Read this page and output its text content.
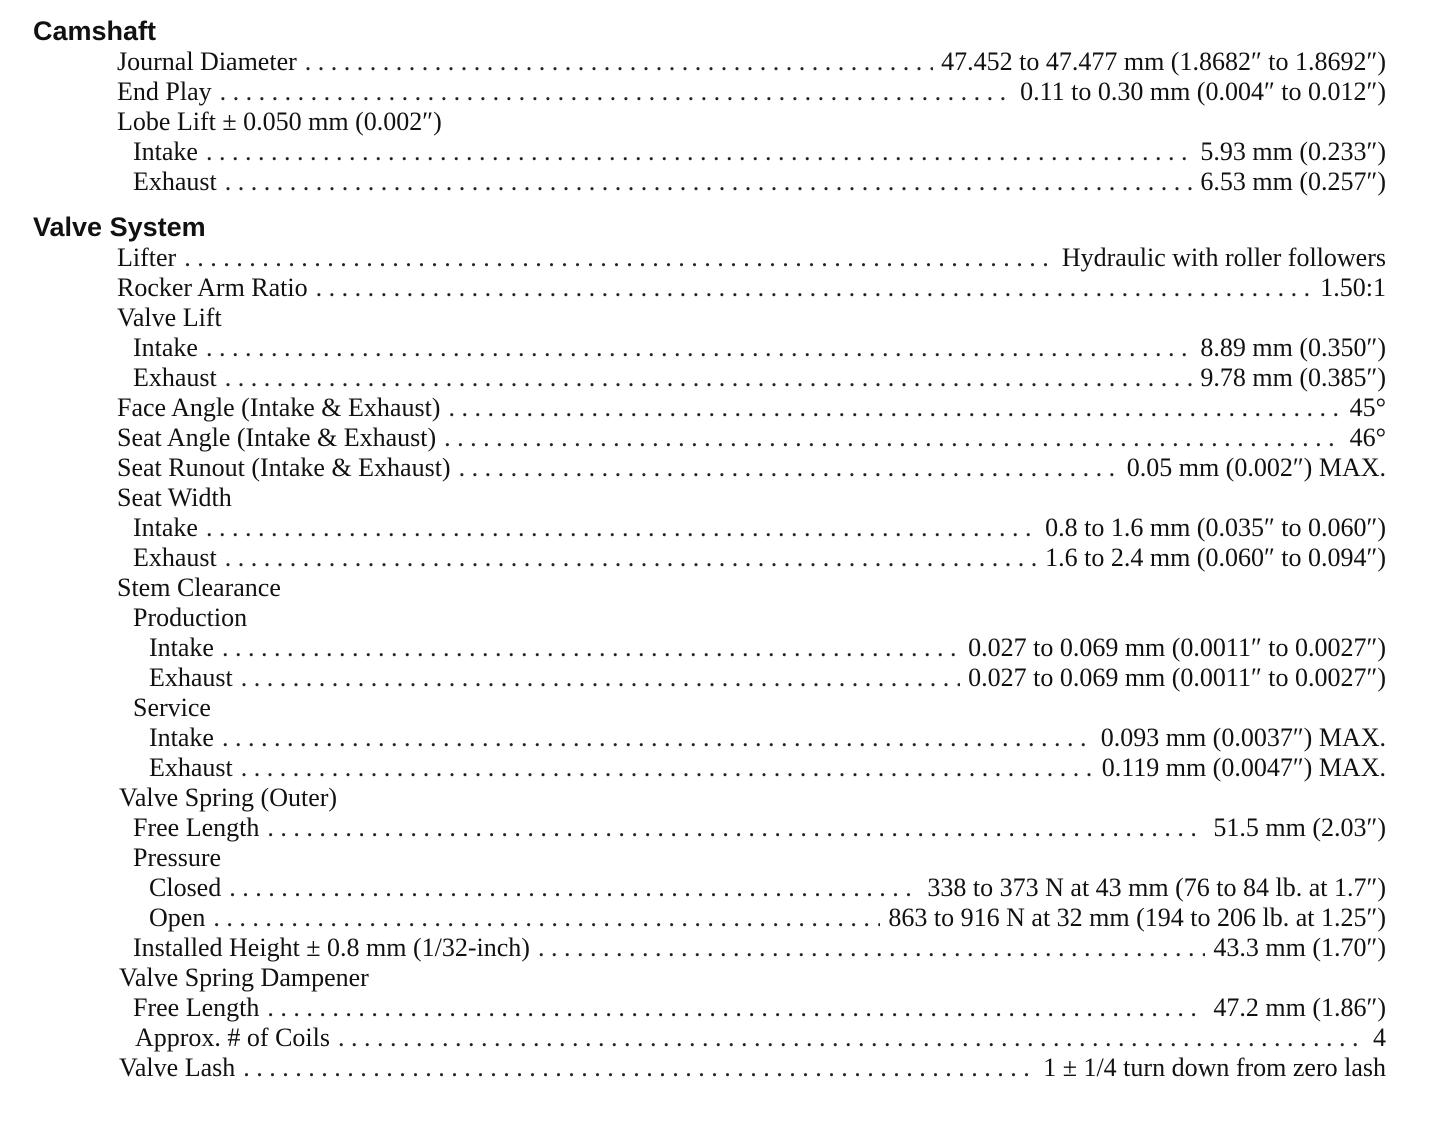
Camshaft
Journal Diameter . . .	47.452 to 47.477 mm (1.8682″ to 1.8692″)
End Play . . .	0.11 to 0.30 mm (0.004″ to 0.012″)
Lobe Lift ± 0.050 mm (0.002″)
Intake . . .	5.93 mm (0.233″)
Exhaust . . .	6.53 mm (0.257″)
Valve System
Lifter . . .	Hydraulic with roller followers
Rocker Arm Ratio . . .	1.50:1
Valve Lift
Intake . . .	8.89 mm (0.350″)
Exhaust . . .	9.78 mm (0.385″)
Face Angle (Intake & Exhaust) . . .	45°
Seat Angle (Intake & Exhaust) . . .	46°
Seat Runout (Intake & Exhaust) . . .	0.05 mm (0.002″) MAX.
Seat Width
Intake . . .	0.8 to 1.6 mm (0.035″ to 0.060″)
Exhaust . . .	1.6 to 2.4 mm (0.060″ to 0.094″)
Stem Clearance
Production
Intake . . .	0.027 to 0.069 mm (0.0011″ to 0.0027″)
Exhaust . . .	0.027 to 0.069 mm (0.0011″ to 0.0027″)
Service
Intake . . .	0.093 mm (0.0037″) MAX.
Exhaust . . .	0.119 mm (0.0047″) MAX.
Valve Spring (Outer)
Free Length . . .	51.5 mm (2.03″)
Pressure
Closed . . .	338 to 373 N at 43 mm (76 to 84 lb. at 1.7″)
Open . . .	863 to 916 N at 32 mm (194 to 206 lb. at 1.25″)
Installed Height ± 0.8 mm (1/32-inch) . . .	43.3 mm (1.70″)
Valve Spring Dampener
Free Length . . .	47.2 mm (1.86″)
Approx. # of Coils . . .	4
Valve Lash . . .	1 ± 1/4 turn down from zero lash
